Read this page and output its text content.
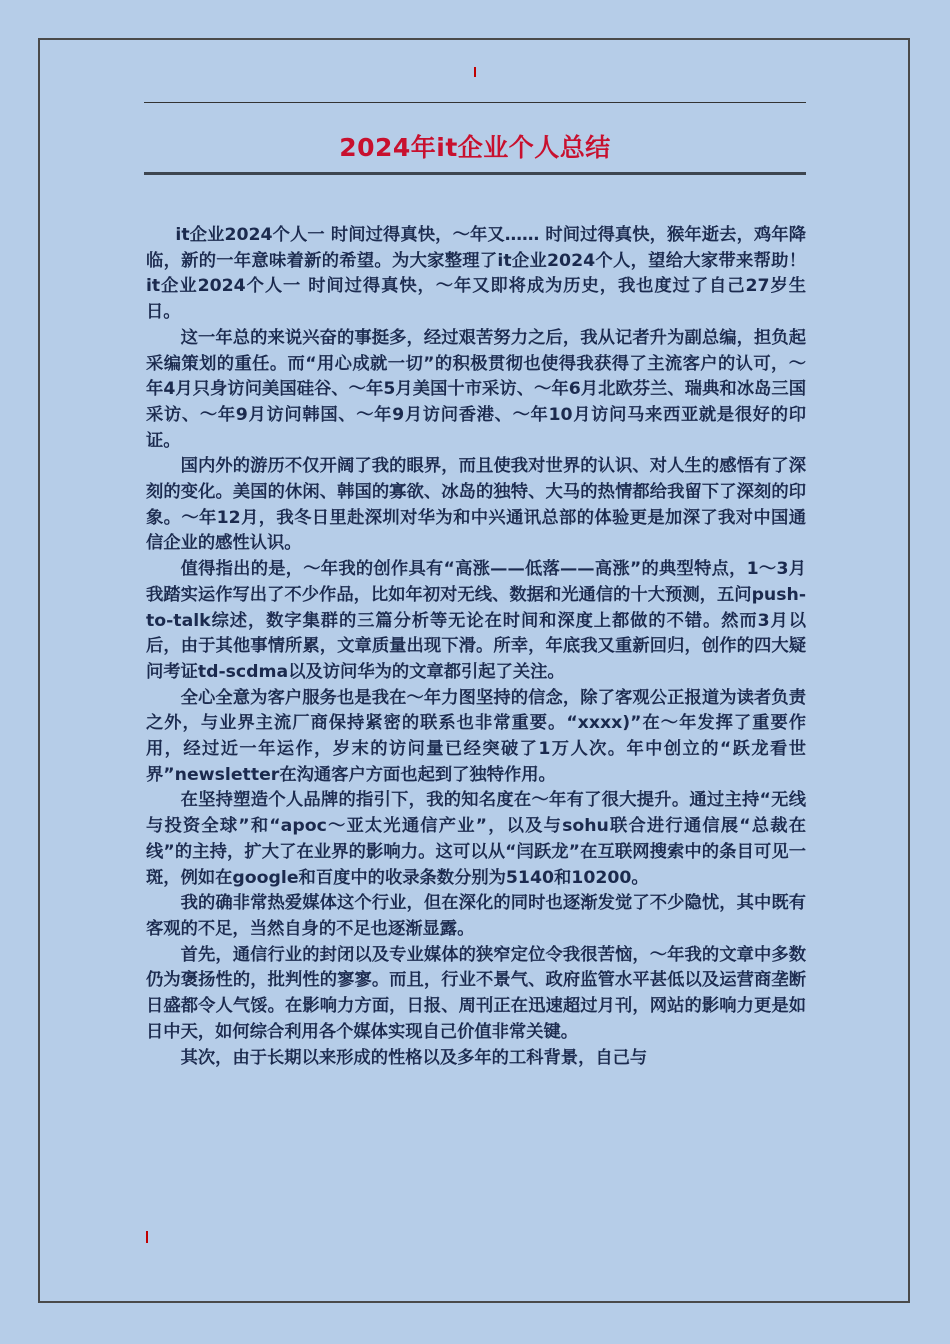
2024年it企业个人总结

it企业2024个人一 时间过得真快，～年又…… 时间过得真快，猴年逝去，鸡年降临，新的一年意味着新的希望。为大家整理了it企业2024个人，望给大家带来帮助！ it企业2024个人一 时间过得真快，～年又即将成为历史，我也度过了自己27岁生日。

这一年总的来说兴奋的事挺多，经过艰苦努力之后，我从记者升为副总编，担负起采编策划的重任。而“用心成就一切”的积极贯彻也使得我获得了主流客户的认可，～年4月只身访问美国硅谷、～年5月美国十市采访、～年6月北欧芬兰、瑞典和冰岛三国采访、～年9月访问韩国、～年9月访问香港、～年10月访问马来西亚就是很好的印证。

国内外的游历不仅开阔了我的眼界，而且使我对世界的认识、对人生的感悟有了深刻的变化。美国的休闲、韩国的寡欲、冰岛的独特、大马的热情都给我留下了深刻的印象。～年12月，我冬日里赴深圳对华为和中兴通讯总部的体验更是加深了我对中国通信企业的感性认识。

值得指出的是，～年我的创作具有“高涨——低落——高涨”的典型特点，1～3月我踏实运作写出了不少作品，比如年初对无线、数据和光通信的十大预测，五问push-to-talk综述，数字集群的三篇分析等无论在时间和深度上都做的不错。然而3月以后，由于其他事情所累，文章质量出现下滑。所幸，年底我又重新回归，创作的四大疑问考证td-scdma以及访问华为的文章都引起了关注。

全心全意为客户服务也是我在～年力图坚持的信念，除了客观公正报道为读者负责之外，与业界主流厂商保持紧密的联系也非常重要。“xxxx)”在～年发挥了重要作用，经过近一年运作，岁末的访问量已经突破了1万人次。年中创立的“跃龙看世界”newsletter在沟通客户方面也起到了独特作用。

在坚持塑造个人品牌的指引下，我的知名度在～年有了很大提升。通过主持“无线与投资全球”和“apoc～亚太光通信产业”，以及与sohu联合进行通信展“总裁在线”的主持，扩大了在业界的影响力。这可以从“闫跃龙”在互联网搜索中的条目可见一斑，例如在google和百度中的收录条数分别为5140和10200。

我的确非常热爱媒体这个行业，但在深化的同时也逐渐发觉了不少隐忧，其中既有客观的不足，当然自身的不足也逐渐显露。

首先，通信行业的封闭以及专业媒体的狭窄定位令我很苦恼，～年我的文章中多数仍为褒扬性的，批判性的寥寥。而且，行业不景气、政府监管水平甚低以及运营商垄断日盛都令人气馁。在影响力方面，日报、周刊正在迅速超过月刊，网站的影响力更是如日中天，如何综合利用各个媒体实现自己价值非常关键。

其次，由于长期以来形成的性格以及多年的工科背景，自己与
